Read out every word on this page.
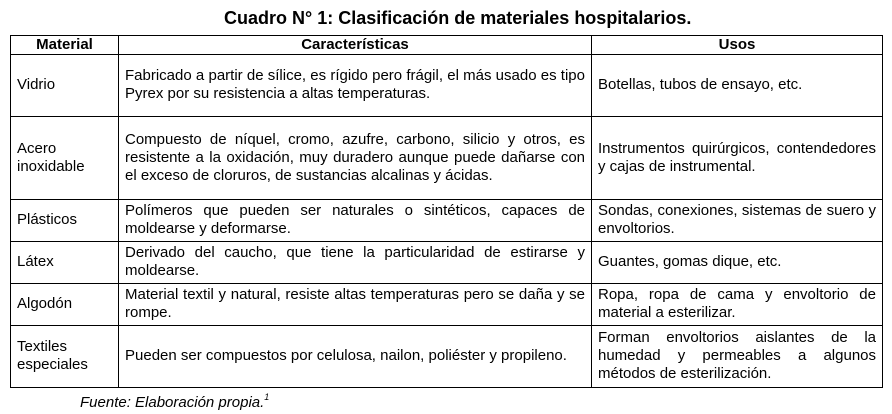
Cuadro N° 1: Clasificación de materiales hospitalarios.
Material	Características	Usos
Vidrio	Fabricado a partir de sílice, es rígido pero frágil, el más usado es tipo Pyrex por su resistencia a altas temperaturas.	Botellas, tubos de ensayo, etc.
Acero inoxidable	Compuesto de níquel, cromo, azufre, carbono, silicio y otros, es resistente a la oxidación, muy duradero aunque puede dañarse con el exceso de cloruros, de sustancias alcalinas y ácidas.	Instrumentos quirúrgicos, contendedores y cajas de instrumental.
Plásticos	Polímeros que pueden ser naturales o sintéticos, capaces de moldearse y deformarse.	Sondas, conexiones, sistemas de suero y envoltorios.
Látex	Derivado del caucho, que tiene la particularidad de estirarse y moldearse.	Guantes, gomas dique, etc.
Algodón	Material textil y natural, resiste altas temperaturas pero se daña y se rompe.	Ropa, ropa de cama y envoltorio de material a esterilizar.
Textiles especiales	Pueden ser compuestos por celulosa, nailon, poliéster y propileno.	Forman envoltorios aislantes de la humedad y permeables a algunos métodos de esterilización.
Fuente: Elaboración propia.$^1$
